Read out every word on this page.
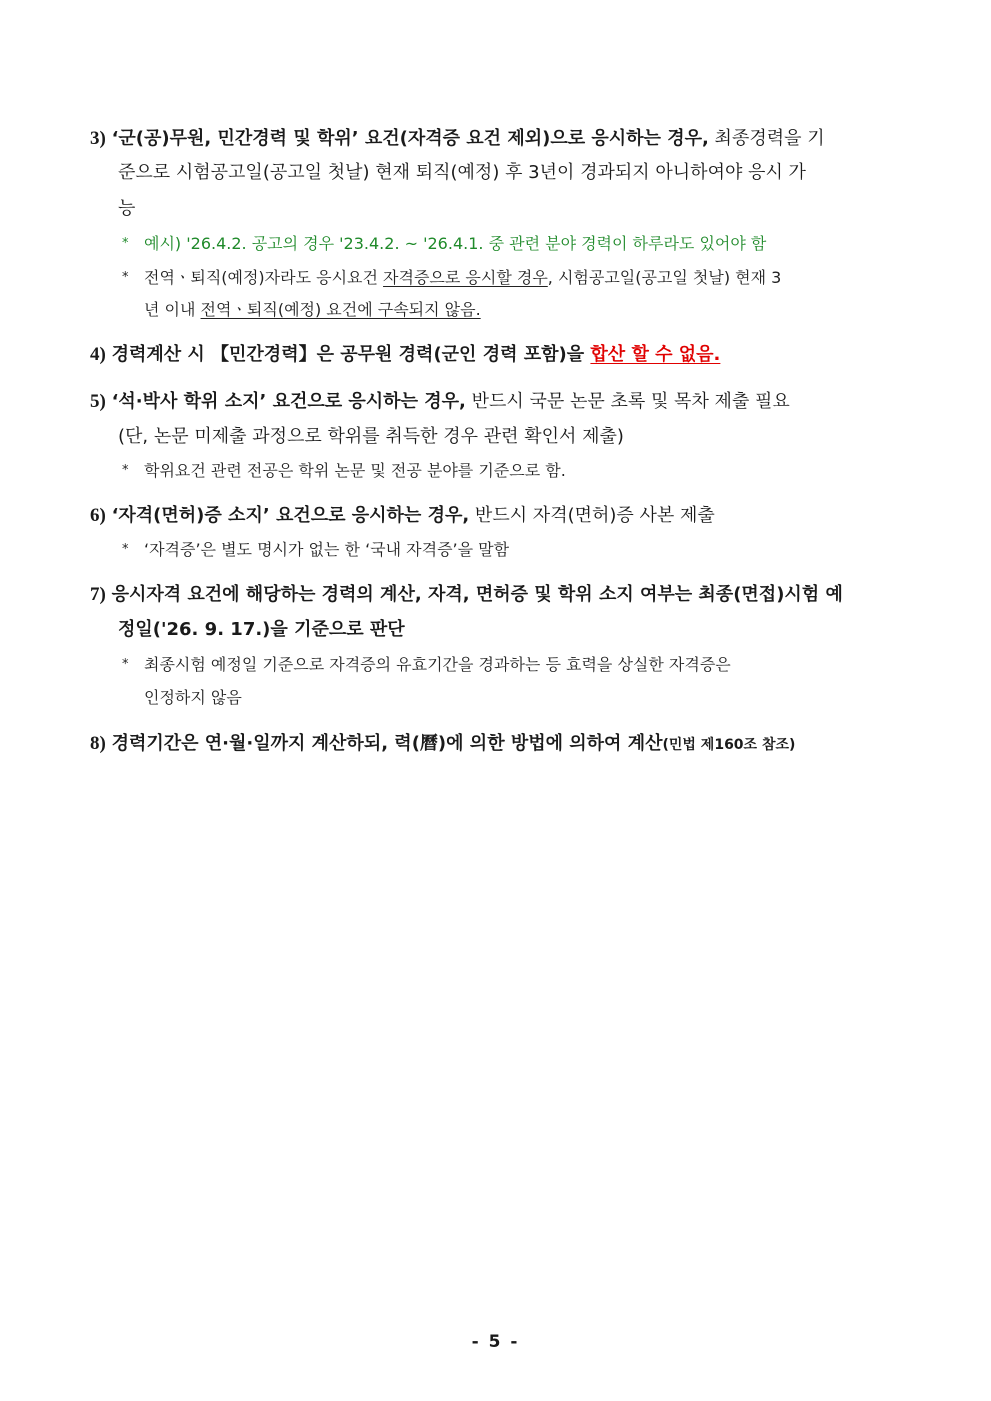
3) ‘군(공)무원, 민간경력 및 학위’ 요건(자격증 요건 제외)으로 응시하는 경우, 최종경력을 기
준으로 시험공고일(공고일 첫날) 현재 퇴직(예정) 후 3년이 경과되지 아니하여야 응시 가
능
* 예시) '26.4.2. 공고의 경우 '23.4.2. ~ '26.4.1. 중 관련 분야 경력이 하루라도 있어야 함
* 전역ㆍ퇴직(예정)자라도 응시요건 자격증으로 응시할 경우, 시험공고일(공고일 첫날) 현재 3
년 이내 전역ㆍ퇴직(예정) 요건에 구속되지 않음.
4) 경력계산 시 【민간경력】은 공무원 경력(군인 경력 포함)을 합산 할 수 없음.
5) ‘석·박사 학위 소지’ 요건으로 응시하는 경우, 반드시 국문 논문 초록 및 목차 제출 필요
(단, 논문 미제출 과정으로 학위를 취득한 경우 관련 확인서 제출)
* 학위요건 관련 전공은 학위 논문 및 전공 분야를 기준으로 함.
6) ‘자격(면허)증 소지’ 요건으로 응시하는 경우, 반드시 자격(면허)증 사본 제출
* ‘자격증’은 별도 명시가 없는 한 ‘국내 자격증’을 말함
7) 응시자격 요건에 해당하는 경력의 계산, 자격, 면허증 및 학위 소지 여부는 최종(면접)시험 예
정일('26. 9. 17.)을 기준으로 판단
* 최종시험 예정일 기준으로 자격증의 유효기간을 경과하는 등 효력을 상실한 자격증은
인정하지 않음
8) 경력기간은 연·월·일까지 계산하되, 력(曆)에 의한 방법에 의하여 계산(민법 제160조 참조)
- 5 -
